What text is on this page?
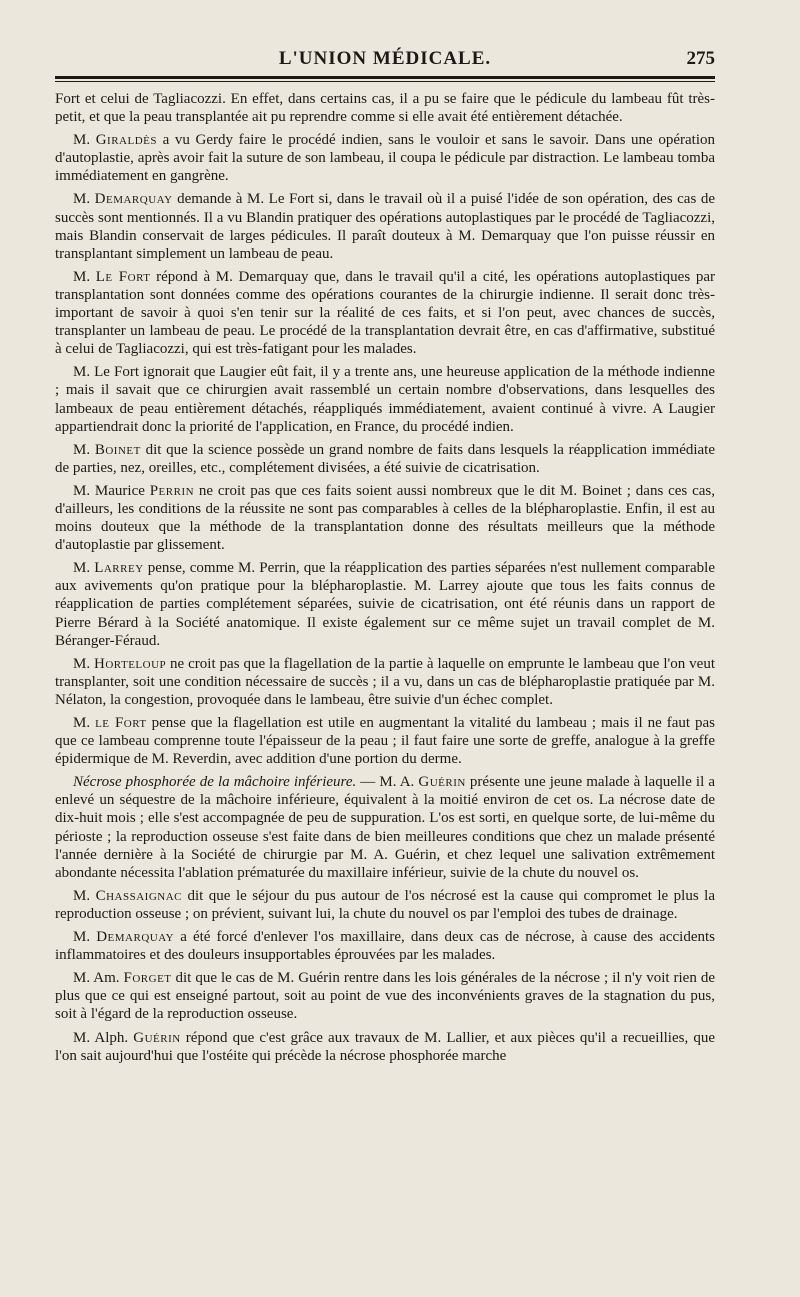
L'UNION MÉDICALE.	275

Fort et celui de Tagliacozzi. En effet, dans certains cas, il a pu se faire que le pédicule du lambeau fût très-petit, et que la peau transplantée ait pu reprendre comme si elle avait été entièrement détachée.

M. Giraldès a vu Gerdy faire le procédé indien, sans le vouloir et sans le savoir. Dans une opération d'autoplastie, après avoir fait la suture de son lambeau, il coupa le pédicule par distraction. Le lambeau tomba immédiatement en gangrène.

M. Demarquay demande à M. Le Fort si, dans le travail où il a puisé l'idée de son opération, des cas de succès sont mentionnés. Il a vu Blandin pratiquer des opérations autoplastiques par le procédé de Tagliacozzi, mais Blandin conservait de larges pédicules. Il paraît douteux à M. Demarquay que l'on puisse réussir en transplantant simplement un lambeau de peau.

M. Le Fort répond à M. Demarquay que, dans le travail qu'il a cité, les opérations autoplastiques par transplantation sont données comme des opérations courantes de la chirurgie indienne. Il serait donc très-important de savoir à quoi s'en tenir sur la réalité de ces faits, et si l'on peut, avec chances de succès, transplanter un lambeau de peau. Le procédé de la transplantation devrait être, en cas d'affirmative, substitué à celui de Tagliacozzi, qui est très-fatigant pour les malades.

M. Le Fort ignorait que Laugier eût fait, il y a trente ans, une heureuse application de la méthode indienne ; mais il savait que ce chirurgien avait rassemblé un certain nombre d'observations, dans lesquelles des lambeaux de peau entièrement détachés, réappliqués immédiatement, avaient continué à vivre. A Laugier appartiendrait donc la priorité de l'application, en France, du procédé indien.

M. Boinet dit que la science possède un grand nombre de faits dans lesquels la réapplication immédiate de parties, nez, oreilles, etc., complétement divisées, a été suivie de cicatrisation.

M. Maurice Perrin ne croit pas que ces faits soient aussi nombreux que le dit M. Boinet ; dans ces cas, d'ailleurs, les conditions de la réussite ne sont pas comparables à celles de la blépharoplastie. Enfin, il est au moins douteux que la méthode de la transplantation donne des résultats meilleurs que la méthode d'autoplastie par glissement.

M. Larrey pense, comme M. Perrin, que la réapplication des parties séparées n'est nullement comparable aux avivements qu'on pratique pour la blépharoplastie. M. Larrey ajoute que tous les faits connus de réapplication de parties complétement séparées, suivie de cicatrisation, ont été réunis dans un rapport de Pierre Bérard à la Société anatomique. Il existe également sur ce même sujet un travail complet de M. Béranger-Féraud.

M. Horteloup ne croit pas que la flagellation de la partie à laquelle on emprunte le lambeau que l'on veut transplanter, soit une condition nécessaire de succès ; il a vu, dans un cas de blépharoplastie pratiquée par M. Nélaton, la congestion, provoquée dans le lambeau, être suivie d'un échec complet.

M. le Fort pense que la flagellation est utile en augmentant la vitalité du lambeau ; mais il ne faut pas que ce lambeau comprenne toute l'épaisseur de la peau ; il faut faire une sorte de greffe, analogue à la greffe épidermique de M. Reverdin, avec addition d'une portion du derme.

Nécrose phosphorée de la mâchoire inférieure. — M. A. Guérin présente une jeune malade à laquelle il a enlevé un séquestre de la mâchoire inférieure, équivalent à la moitié environ de cet os. La nécrose date de dix-huit mois ; elle s'est accompagnée de peu de suppuration. L'os est sorti, en quelque sorte, de lui-même du périoste ; la reproduction osseuse s'est faite dans de bien meilleures conditions que chez un malade présenté l'année dernière à la Société de chirurgie par M. A. Guérin, et chez lequel une salivation extrêmement abondante nécessita l'ablation prématurée du maxillaire inférieur, suivie de la chute du nouvel os.

M. Chassaignac dit que le séjour du pus autour de l'os nécrosé est la cause qui compromet le plus la reproduction osseuse ; on prévient, suivant lui, la chute du nouvel os par l'emploi des tubes de drainage.

M. Demarquay a été forcé d'enlever l'os maxillaire, dans deux cas de nécrose, à cause des accidents inflammatoires et des douleurs insupportables éprouvées par les malades.

M. Am. Forget dit que le cas de M. Guérin rentre dans les lois générales de la nécrose ; il n'y voit rien de plus que ce qui est enseigné partout, soit au point de vue des inconvénients graves de la stagnation du pus, soit à l'égard de la reproduction osseuse.

M. Alph. Guérin répond que c'est grâce aux travaux de M. Lallier, et aux pièces qu'il a recueillies, que l'on sait aujourd'hui que l'ostéite qui précède la nécrose phosphorée marche
